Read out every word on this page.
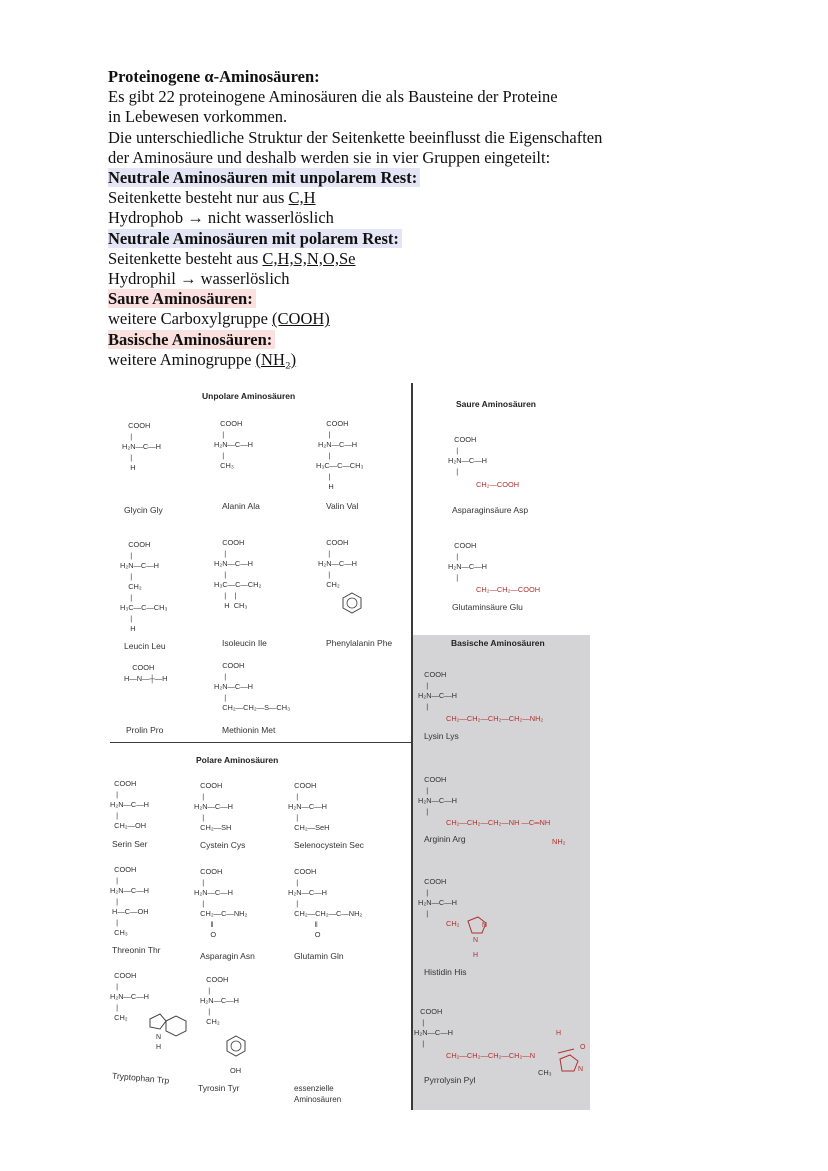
Proteinogene α-Aminosäuren:
Es gibt 22 proteinogene Aminosäuren die als Bausteine der Proteine
in Lebewesen vorkommen.
Die unterschiedliche Struktur der Seitenkette beeinflusst die Eigenschaften
der Aminosäure und deshalb werden sie in vier Gruppen eingeteilt:
Neutrale Aminosäuren mit unpolarem Rest:
Seitenkette besteht nur aus C,H
Hydrophob → nicht wasserlöslich
Neutrale Aminosäuren mit polarem Rest:
Seitenkette besteht aus C,H,S,N,O,Se
Hydrophil → wasserlöslich
Saure Aminosäuren:
weitere Carboxylgruppe (COOH)
Basische Aminosäuren:
weitere Aminogruppe (NH₂)
Unpolare Aminosäuren
Saure Aminosäuren
Basische Aminosäuren
Polare Aminosäuren
COOH
|
H₂N—C—H
|
H
Glycin Gly
COOH
|
H₂N—C—H
|
CH₃
Alanin Ala
COOH
|
H₂N—C—H
|
H₃C—C—CH₃
|
H
Valin Val
COOH
|
H₂N—C—H
|
CH₂
|
H₃C—C—CH₃
|
H
Leucin Leu
COOH
|
H₂N—C—H
|
H₃C—C—CH₂
|    |
H  CH₃
Isoleucin Ile
COOH
|
H₂N—C—H
|
CH₂
Phenylalanin Phe
COOH
H—N—┼—H
Prolin Pro
COOH
|
H₂N—C—H
|
CH₂—CH₂—S—CH₃
Methionin Met
COOH
|
H₂N—C—H
|
CH₂—OH
Serin Ser
COOH
|
H₂N—C—H
|
CH₂—SH
Cystein Cys
COOH
|
H₂N—C—H
|
CH₂—SeH
Selenocystein Sec
COOH
|
H₂N—C—H
|
H—C—OH
|
CH₃
Threonin Thr
COOH
|
H₂N—C—H
|
CH₂—C—NH₂
‖
O
Asparagin Asn
COOH
|
H₂N—C—H
|
CH₂—CH₂—C—NH₂
‖
O
Glutamin Gln
COOH
|
H₂N—C—H
|
CH₂
N
H
Tryptophan Trp
COOH
|
H₂N—C—H
|
CH₂
OH
Tyrosin Tyr	essenzielle
Aminosäuren
COOH
|
H₂N—C—H
|
CH₂—COOH
Asparaginsäure Asp
COOH
|
H₂N—C—H
|
CH₂—CH₂—COOH
Glutaminsäure Glu
COOH
|
H₂N—C—H
|
CH₂—CH₂—CH₂—CH₂—NH₂
Lysin Lys
COOH
|
H₂N—C—H
|
CH₂—CH₂—CH₂—NH —C═NH
NH₂
Arginin Arg
COOH
|
H₂N—C—H
|
CH₂	N
N
H
Histidin His
COOH
|
H₂N—C—H
|
CH₂—CH₂—CH₂—CH₂—N
H
O
N
CH₃
Pyrrolysin Pyl
